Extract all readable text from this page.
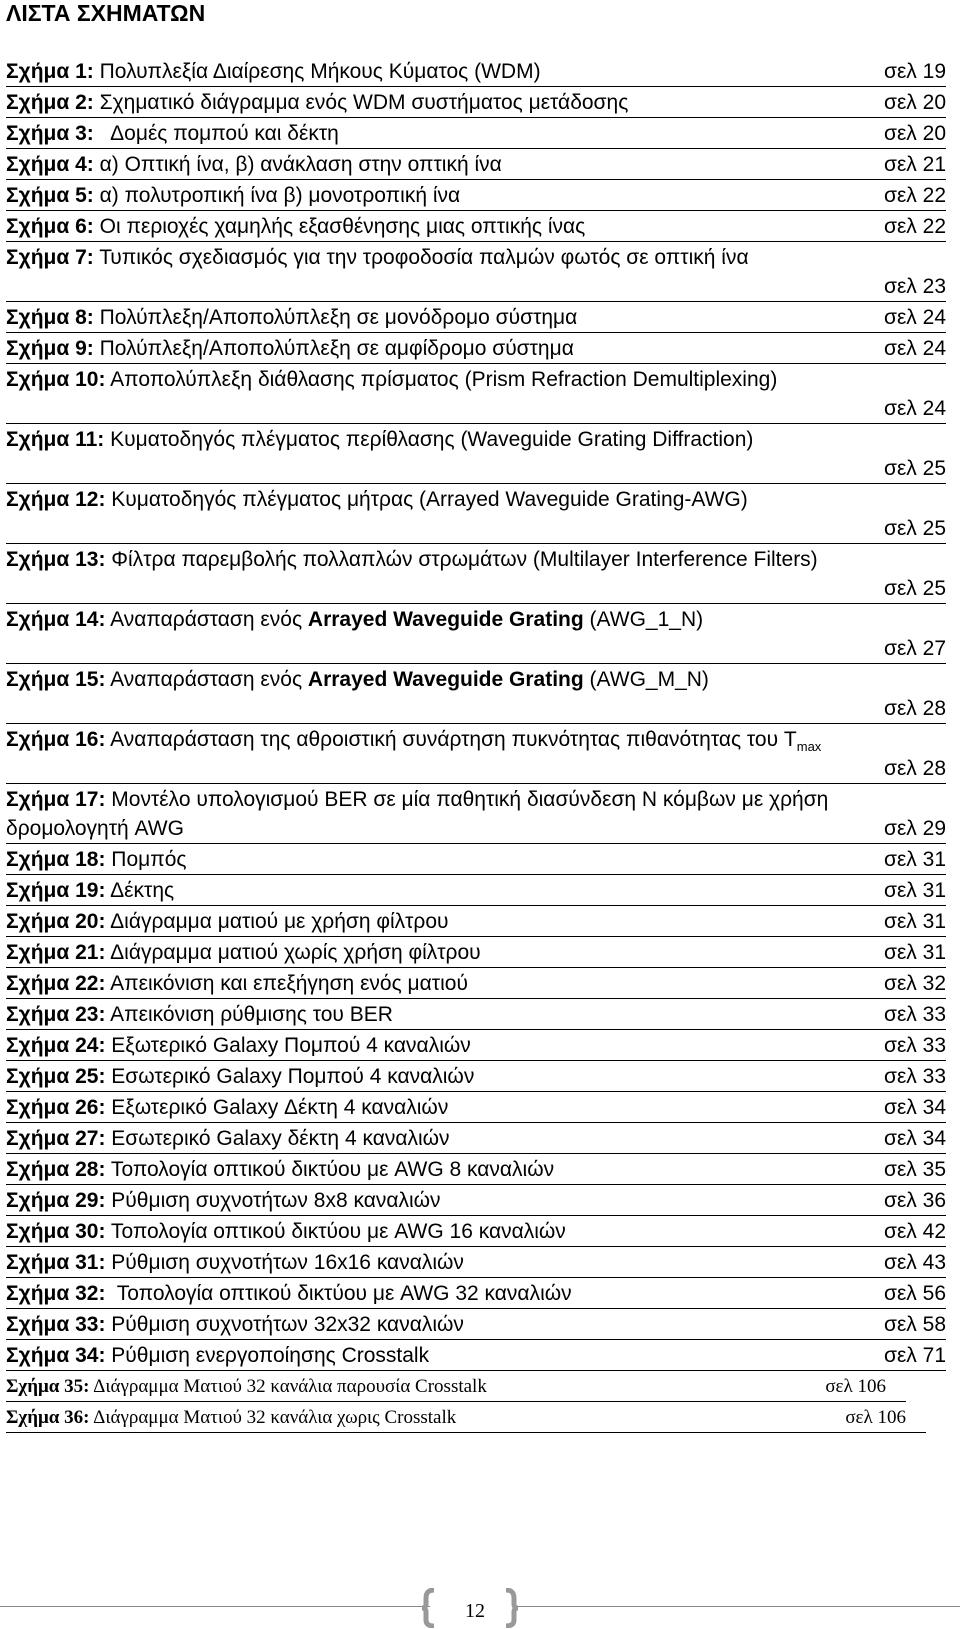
ΛΙΣΤΑ ΣΧΗΜΑΤΩΝ
Σχήμα 1: Πολυπλεξία Διαίρεσης Μήκους Κύματος (WDM)	σελ 19
Σχήμα 2: Σχηματικό διάγραμμα ενός WDM συστήματος μετάδοσης	σελ 20
Σχήμα 3:   Δομές πομπού και δέκτη	σελ 20
Σχήμα 4: α) Οπτική ίνα, β) ανάκλαση στην οπτική ίνα	σελ 21
Σχήμα 5: α) πολυτροπική ίνα β) μονοτροπική ίνα	σελ 22
Σχήμα 6: Οι περιοχές χαμηλής εξασθένησης μιας οπτικής ίνας	σελ 22
Σχήμα 7: Τυπικός σχεδιασμός για την τροφοδοσία παλμών φωτός σε οπτική ίνα
σελ 23
Σχήμα 8: Πολύπλεξη/Αποπολύπλεξη σε μονόδρομο σύστημα	σελ 24
Σχήμα 9: Πολύπλεξη/Αποπολύπλεξη σε αμφίδρομο σύστημα	σελ 24
Σχήμα 10: Αποπολύπλεξη διάθλασης πρίσματος (Prism Refraction Demultiplexing)
σελ 24
Σχήμα 11: Κυματοδηγός πλέγματος περίθλασης (Waveguide Grating Diffraction)
σελ 25
Σχήμα 12: Κυματοδηγός πλέγματος μήτρας (Arrayed Waveguide Grating-AWG)
σελ 25
Σχήμα 13: Φίλτρα παρεμβολής πολλαπλών στρωμάτων (Multilayer Interference Filters)
σελ 25
Σχήμα 14: Αναπαράσταση ενός Arrayed Waveguide Grating (AWG_1_N)
σελ 27
Σχήμα 15: Αναπαράσταση ενός Arrayed Waveguide Grating (AWG_M_N)
σελ 28
Σχήμα 16: Αναπαράσταση της αθροιστική συνάρτηση πυκνότητας πιθανότητας του $T_{max}$
σελ 28
Σχήμα 17: Μοντέλο υπολογισμού BER σε μία παθητική διασύνδεση Ν κόμβων με χρήση
δρομολογητή AWG	σελ 29
Σχήμα 18: Πομπός	σελ 31
Σχήμα 19: Δέκτης	σελ 31
Σχήμα 20: Διάγραμμα ματιού με χρήση φίλτρου	σελ 31
Σχήμα 21: Διάγραμμα ματιού χωρίς χρήση φίλτρου	σελ 31
Σχήμα 22: Απεικόνιση και επεξήγηση ενός ματιού	σελ 32
Σχήμα 23: Απεικόνιση ρύθμισης του BER	σελ 33
Σχήμα 24: Εξωτερικό Galaxy Πομπού 4 καναλιών	σελ 33
Σχήμα 25: Εσωτερικό Galaxy Πομπού 4 καναλιών	σελ 33
Σχήμα 26: Εξωτερικό Galaxy Δέκτη 4 καναλιών	σελ 34
Σχήμα 27: Εσωτερικό Galaxy δέκτη 4 καναλιών	σελ 34
Σχήμα 28: Τοπολογία οπτικού δικτύου με AWG 8 καναλιών	σελ 35
Σχήμα 29: Ρύθμιση συχνοτήτων 8x8 καναλιών	σελ 36
Σχήμα 30: Τοπολογία οπτικού δικτύου με AWG 16 καναλιών	σελ 42
Σχήμα 31: Ρύθμιση συχνοτήτων 16x16 καναλιών	σελ 43
Σχήμα 32:  Τοπολογία οπτικού δικτύου με AWG 32 καναλιών	σελ 56
Σχήμα 33: Ρύθμιση συχνοτήτων 32x32 καναλιών	σελ 58
Σχήμα 34: Ρύθμιση ενεργοποίησης Crosstalk	σελ 71
Σχήμα 35: Διάγραμμα Ματιού 32 κανάλια παρουσία Crosstalk	σελ 106
Σχήμα 36: Διάγραμμα Ματιού 32 κανάλια χωρις Crosstalk	σελ 106
12
